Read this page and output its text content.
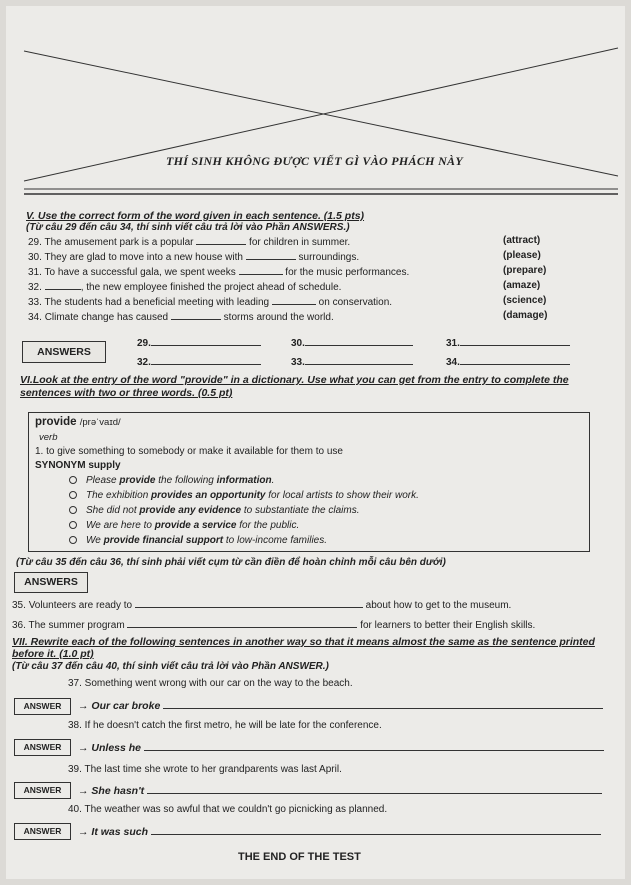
THÍ SINH KHÔNG ĐƯỢC VIẾT GÌ VÀO PHÁCH NÀY
V. Use the correct form of the word given in each sentence. (1.5 pts)
(Từ câu 29 đến câu 34, thí sinh viết câu trả lời vào Phần ANSWERS.)
29. The amusement park is a popular	for children in summer.	(attract)
30. They are glad to move into a new house with	surroundings.	(please)
31. To have a successful gala, we spent weeks	for the music performances.	(prepare)
32.	, the new employee finished the project ahead of schedule.	(amaze)
33. The students had a beneficial meeting with leading	on conservation.	(science)
34. Climate change has caused	storms around the world.	(damage)
ANSWERS
29.	30.	31.
32.	33.	34.
VI.Look at the entry of the word "provide" in a dictionary. Use what you can get from the entry to complete the sentences with two or three words. (0.5 pt)
provide /prəˈvaɪd/
verb
1. to give something to somebody or make it available for them to use
SYNONYM supply
Please provide the following information.
The exhibition provides an opportunity for local artists to show their work.
She did not provide any evidence to substantiate the claims.
We are here to provide a service for the public.
We provide financial support to low-income families.
(Từ câu 35 đến câu 36, thí sinh phải viết cụm từ cần điền để hoàn chỉnh mỗi câu bên dưới)
ANSWERS
35. Volunteers are ready to	about how to get to the museum.
36. The summer program	for learners to better their English skills.
VII. Rewrite each of the following sentences in another way so that it means almost the same as the sentence printed before it. (1.0 pt)
(Từ câu 37 đến câu 40, thí sinh viết câu trả lời vào Phần ANSWER.)
37. Something went wrong with our car on the way to the beach.
ANSWER	→ Our car broke
38. If he doesn't catch the first metro, he will be late for the conference.
ANSWER	→ Unless he
39. The last time she wrote to her grandparents was last April.
ANSWER	→ She hasn't
40. The weather was so awful that we couldn't go picnicking as planned.
ANSWER	→ It was such
THE END OF THE TEST
